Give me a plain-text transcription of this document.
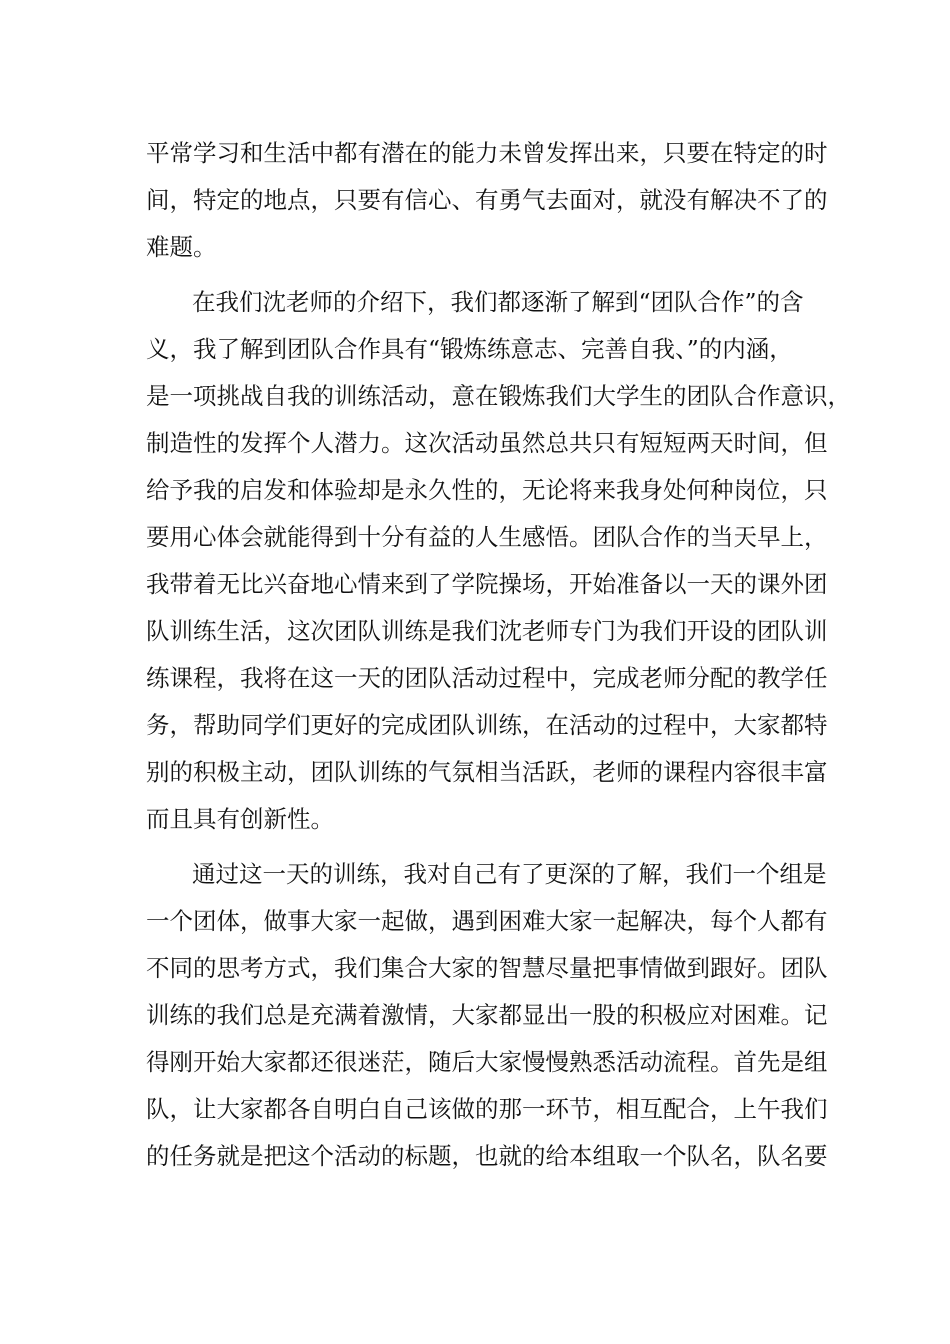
平常学习和生活中都有潜在的能力未曾发挥出来，只要在特定的时
间，特定的地点，只要有信心、有勇气去面对，就没有解决不了的
难题。
在我们沈老师的介绍下，我们都逐渐了解到“团队合作”的含
义，我了解到团队合作具有“锻炼练意志、完善自我、”的内涵，
是一项挑战自我的训练活动，意在锻炼我们大学生的团队合作意识，
制造性的发挥个人潜力。这次活动虽然总共只有短短两天时间，但
给予我的启发和体验却是永久性的，无论将来我身处何种岗位，只
要用心体会就能得到十分有益的人生感悟。团队合作的当天早上，
我带着无比兴奋地心情来到了学院操场，开始准备以一天的课外团
队训练生活，这次团队训练是我们沈老师专门为我们开设的团队训
练课程，我将在这一天的团队活动过程中，完成老师分配的教学任
务，帮助同学们更好的完成团队训练，在活动的过程中，大家都特
别的积极主动，团队训练的气氛相当活跃，老师的课程内容很丰富
而且具有创新性。
通过这一天的训练，我对自己有了更深的了解，我们一个组是
一个团体，做事大家一起做，遇到困难大家一起解决，每个人都有
不同的思考方式，我们集合大家的智慧尽量把事情做到跟好。团队
训练的我们总是充满着激情，大家都显出一股的积极应对困难。记
得刚开始大家都还很迷茫，随后大家慢慢熟悉活动流程。首先是组
队，让大家都各自明白自己该做的那一环节，相互配合，上午我们
的任务就是把这个活动的标题，也就的给本组取一个队名，队名要
